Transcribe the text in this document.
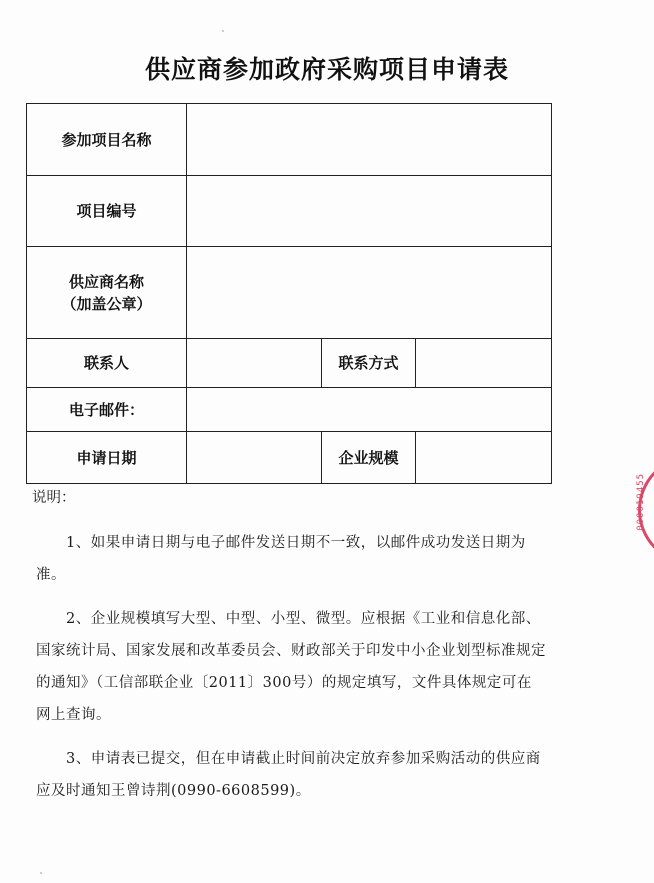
供应商参加政府采购项目申请表
参加项目名称			
项目编号			

供应商名称
（加盖公章）			

联系人		联系方式	
电子邮件：			
申请日期		企业规模	
说明：

1、如果申请日期与电子邮件发送日期不一致，以邮件成功发送日期为准。

2、企业规模填写大型、中型、小型、微型。应根据《工业和信息化部、国家统计局、国家发展和改革委员会、财政部关于印发中小企业划型标准规定的通知》（工信部联企业〔2011〕300号）的规定填写，文件具体规定可在网上查询。

3、申请表已提交，但在申请截止时间前决定放弃参加采购活动的供应商应及时通知王曾诗荆(0990-6608599)。

000019455
